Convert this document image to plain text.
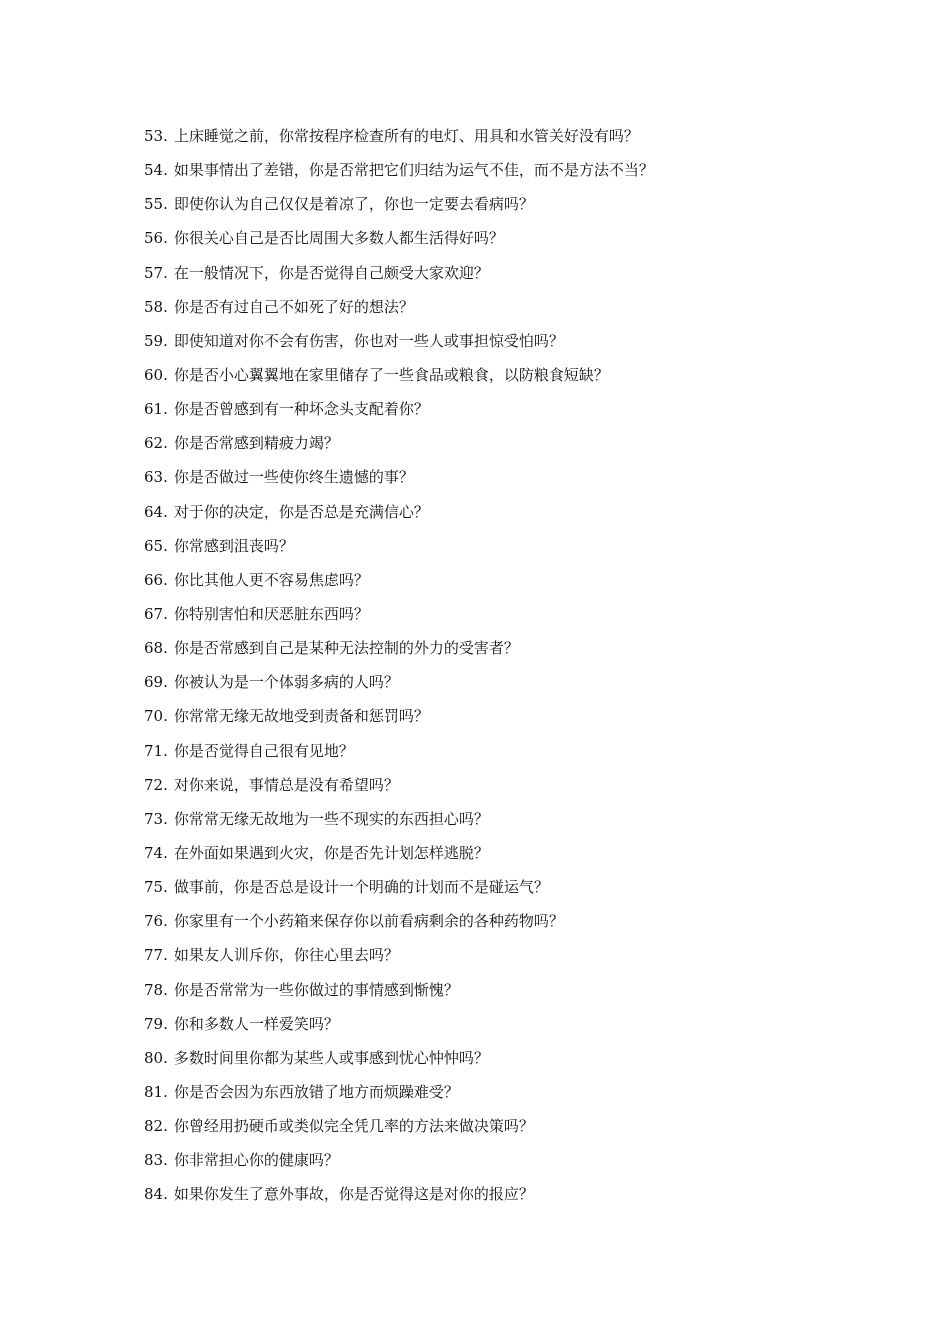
53. 上床睡觉之前，你常按程序检查所有的电灯、用具和水管关好没有吗？
54. 如果事情出了差错，你是否常把它们归结为运气不佳，而不是方法不当？
55. 即使你认为自己仅仅是着凉了，你也一定要去看病吗？
56. 你很关心自己是否比周围大多数人都生活得好吗？
57. 在一般情况下，你是否觉得自己颇受大家欢迎？
58. 你是否有过自己不如死了好的想法？
59. 即使知道对你不会有伤害，你也对一些人或事担惊受怕吗？
60. 你是否小心翼翼地在家里储存了一些食品或粮食，以防粮食短缺？
61. 你是否曾感到有一种坏念头支配着你？
62. 你是否常感到精疲力竭？
63. 你是否做过一些使你终生遗憾的事？
64. 对于你的决定，你是否总是充满信心？
65. 你常感到沮丧吗？
66. 你比其他人更不容易焦虑吗？
67. 你特别害怕和厌恶脏东西吗？
68. 你是否常感到自己是某种无法控制的外力的受害者？
69. 你被认为是一个体弱多病的人吗？
70. 你常常无缘无故地受到责备和惩罚吗？
71. 你是否觉得自己很有见地？
72. 对你来说，事情总是没有希望吗？
73. 你常常无缘无故地为一些不现实的东西担心吗？
74. 在外面如果遇到火灾，你是否先计划怎样逃脱？
75. 做事前，你是否总是设计一个明确的计划而不是碰运气？
76. 你家里有一个小药箱来保存你以前看病剩余的各种药物吗？
77. 如果友人训斥你，你往心里去吗？
78. 你是否常常为一些你做过的事情感到惭愧？
79. 你和多数人一样爱笑吗？
80. 多数时间里你都为某些人或事感到忧心忡忡吗？
81. 你是否会因为东西放错了地方而烦躁难受？
82. 你曾经用扔硬币或类似完全凭几率的方法来做决策吗？
83. 你非常担心你的健康吗？
84. 如果你发生了意外事故，你是否觉得这是对你的报应？
